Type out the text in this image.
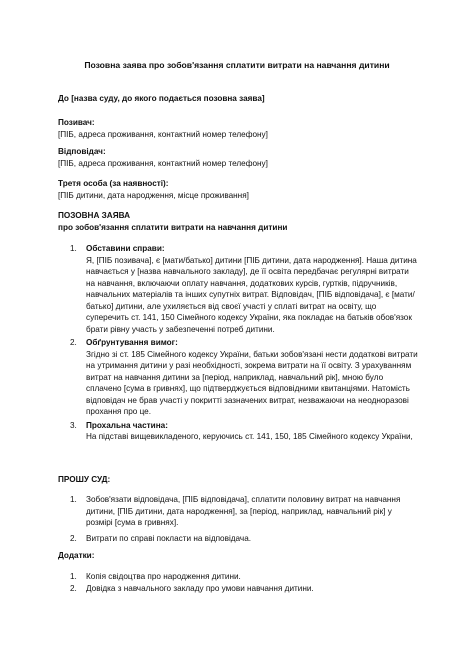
Позовна заява про зобов'язання сплатити витрати на навчання дитини
До [назва суду, до якого подається позовна заява]
Позивач:
[ПІБ, адреса проживання, контактний номер телефону]
Відповідач:
[ПІБ, адреса проживання, контактний номер телефону]
Третя особа (за наявності):
[ПІБ дитини, дата народження, місце проживання]
ПОЗОВНА ЗАЯВА
про зобов'язання сплатити витрати на навчання дитини
1. Обставини справи:
Я, [ПІБ позивача], є [мати/батько] дитини [ПІБ дитини, дата народження]. Наша дитина навчається у [назва навчального закладу], де її освіта передбачає регулярні витрати на навчання, включаючи оплату навчання, додаткових курсів, гуртків, підручників, навчальних матеріалів та інших супутніх витрат. Відповідач, [ПІБ відповідача], є [мати/батько] дитини, але ухиляється від своєї участі у сплаті витрат на освіту, що суперечить ст. 141, 150 Сімейного кодексу України, яка покладає на батьків обов'язок брати рівну участь у забезпеченні потреб дитини.
2. Обґрунтування вимог:
Згідно зі ст. 185 Сімейного кодексу України, батьки зобов'язані нести додаткові витрати на утримання дитини у разі необхідності, зокрема витрати на її освіту. З урахуванням витрат на навчання дитини за [період, наприклад, навчальний рік], мною було сплачено [сума в гривнях], що підтверджується відповідними квитанціями. Натомість відповідач не брав участі у покритті зазначених витрат, незважаючи на неодноразові прохання про це.
3. Прохальна частина:
На підставі вищевикладеного, керуючись ст. 141, 150, 185 Сімейного кодексу України,
ПРОШУ СУД:
1. Зобов'язати відповідача, [ПІБ відповідача], сплатити половину витрат на навчання дитини, [ПІБ дитини, дата народження], за [період, наприклад, навчальний рік] у розмірі [сума в гривнях].
2. Витрати по справі покласти на відповідача.
Додатки:
1. Копія свідоцтва про народження дитини.
2. Довідка з навчального закладу про умови навчання дитини.
